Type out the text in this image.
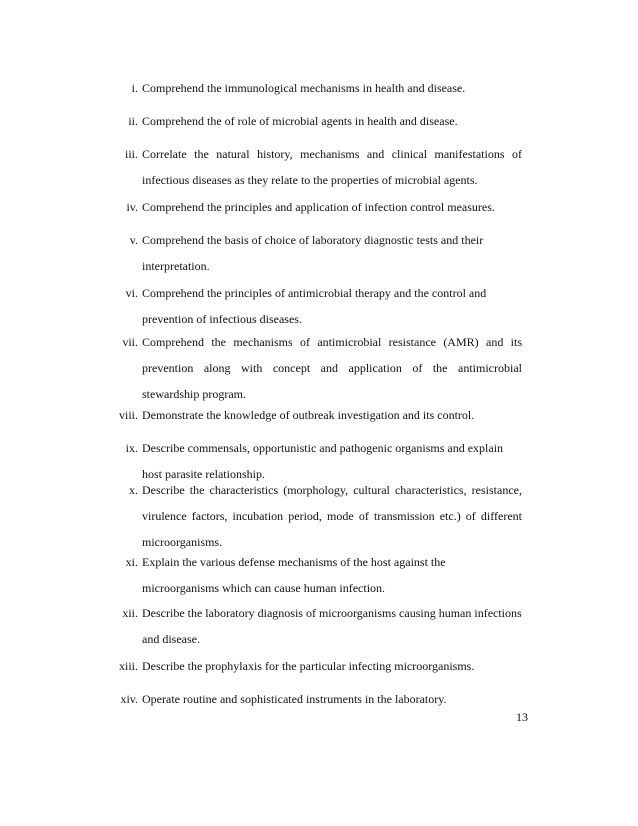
i. Comprehend the immunological mechanisms in health and disease.
ii. Comprehend the of role of microbial agents in health and disease.
iii. Correlate the natural history, mechanisms and clinical manifestations of infectious diseases as they relate to the properties of microbial agents.
iv. Comprehend the principles and application of infection control measures.
v. Comprehend the basis of choice of laboratory diagnostic tests and their interpretation.
vi. Comprehend the principles of antimicrobial therapy and the control and prevention of infectious diseases.
vii. Comprehend the mechanisms of antimicrobial resistance (AMR) and its prevention along with concept and application of the antimicrobial stewardship program.
viii. Demonstrate the knowledge of outbreak investigation and its control.
ix. Describe commensals, opportunistic and pathogenic organisms and explain host parasite relationship.
x. Describe the characteristics (morphology, cultural characteristics, resistance, virulence factors, incubation period, mode of transmission etc.) of different microorganisms.
xi. Explain the various defense mechanisms of the host against the microorganisms which can cause human infection.
xii. Describe the laboratory diagnosis of microorganisms causing human infections and disease.
xiii. Describe the prophylaxis for the particular infecting microorganisms.
xiv. Operate routine and sophisticated instruments in the laboratory.
13
